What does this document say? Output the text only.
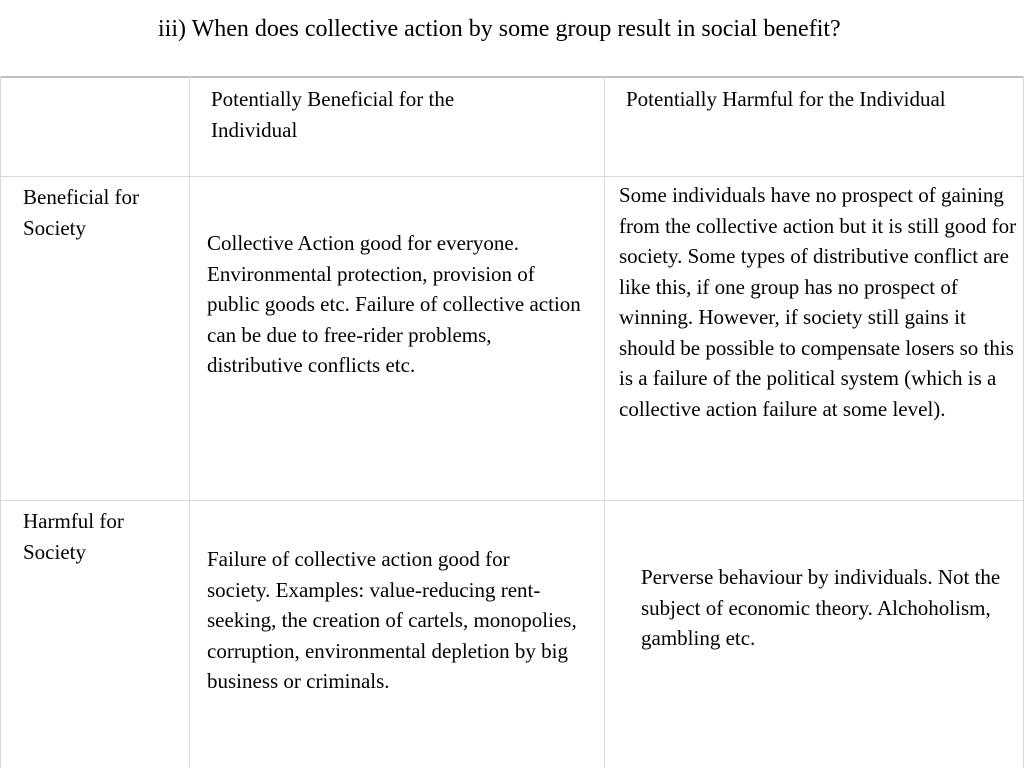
iii) When does collective action by some group result in social benefit?
Potentially Beneficial for the Individual
Potentially Harmful for the Individual
Beneficial for Society
Collective Action good for everyone. Environmental protection, provision of public goods etc. Failure of collective action can be due to free-rider problems, distributive conflicts etc.
Some individuals have no prospect of gaining from the collective action but it is still good for society. Some types of distributive conflict are like this, if one group has no prospect of winning. However, if society still gains it should be possible to compensate losers so this is a failure of the political system (which is a collective action failure at some level).
Harmful for Society	Failure of collective action good for society. Examples: value-reducing rent-seeking, the creation of cartels, monopolies, corruption, environmental depletion by big business or criminals.
Perverse behaviour by individuals. Not the subject of economic theory. Alchoholism, gambling etc.
